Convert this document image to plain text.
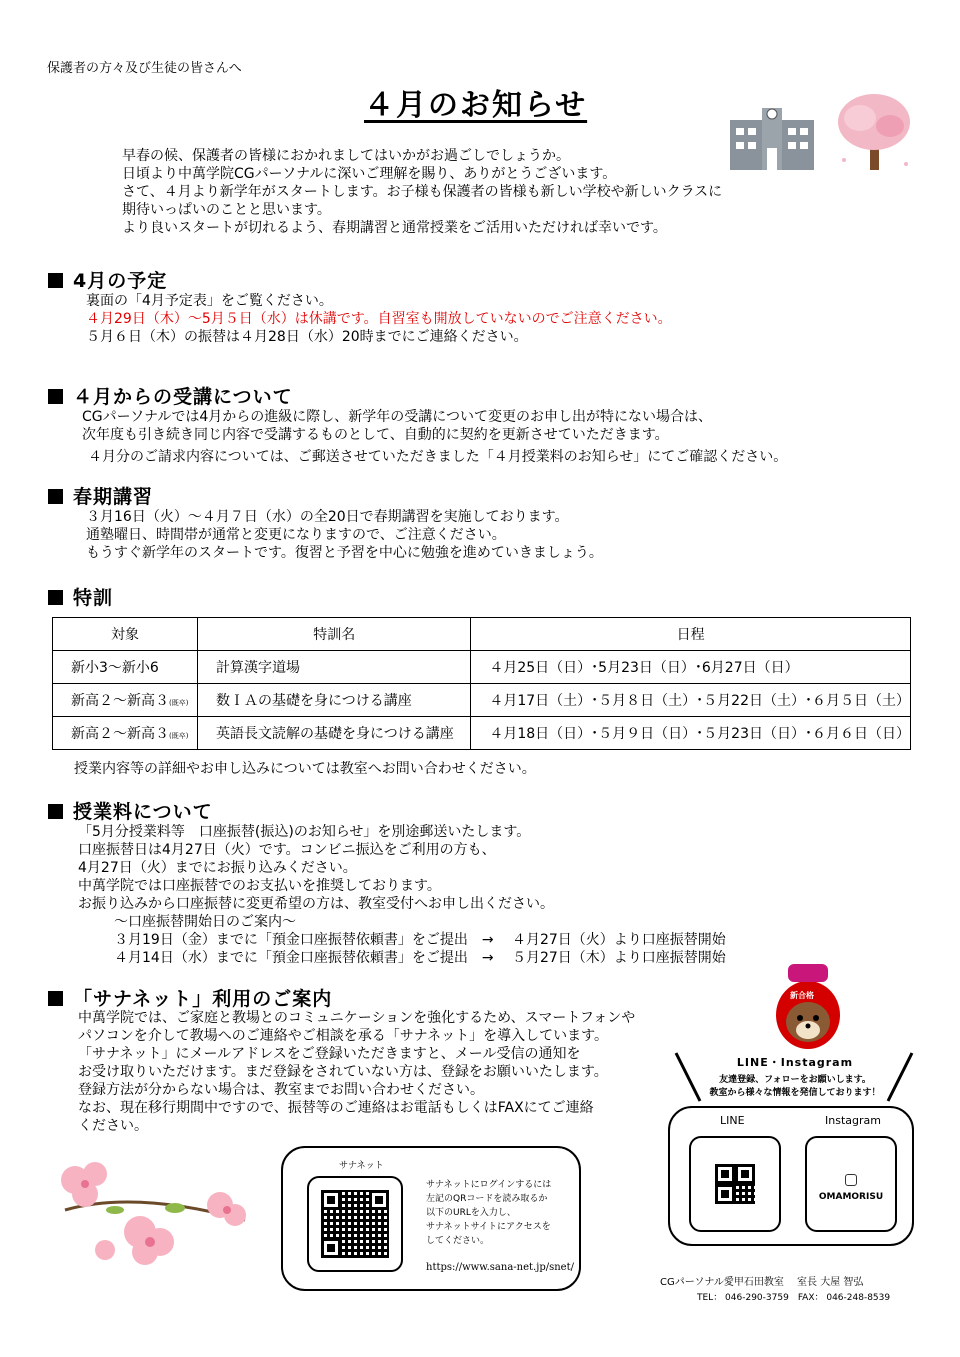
保護者の方々及び生徒の皆さんへ
４月のお知らせ
早春の候、保護者の皆様におかれましてはいかがお過ごしでしょうか。
日頃より中萬学院CGパーソナルに深いご理解を賜り、ありがとうございます。
さて、４月より新学年がスタートします。お子様も保護者の皆様も新しい学校や新しいクラスに
期待いっぱいのことと思います。
より良いスタートが切れるよう、春期講習と通常授業をご活用いただければ幸いです。
4月の予定
裏面の「4月予定表」をご覧ください。
４月29日（木）～5月５日（水）は休講です。自習室も開放していないのでご注意ください。
５月６日（木）の振替は４月28日（水）20時までにご連絡ください。
４月からの受講について
CGパーソナルでは4月からの進級に際し、新学年の受講について変更のお申し出が特にない場合は、
次年度も引き続き同じ内容で受講するものとして、自動的に契約を更新させていただきます。
４月分のご請求内容については、ご郵送させていただきました「４月授業料のお知らせ」にてご確認ください。
春期講習
３月16日（火）～４月７日（水）の全20日で春期講習を実施しております。
通塾曜日、時間帯が通常と変更になりますので、ご注意ください。
もうすぐ新学年のスタートです。復習と予習を中心に勉強を進めていきましょう。
特訓
対象	特訓名	日程
新小3～新小6	計算漢字道場	４月25日（日）･5月23日（日）･6月27日（日）
新高２～新高３(既卒)	数ＩＡの基礎を身につける講座	４月17日（土）･５月８日（土）･５月22日（土）･６月５日（土）
新高２～新高３(既卒)	英語長文読解の基礎を身につける講座	４月18日（日）･５月９日（日）･５月23日（日）･６月６日（日）
授業内容等の詳細やお申し込みについては教室へお問い合わせください。
授業料について
「5月分授業料等　口座振替(振込)のお知らせ」を別途郵送いたします。
口座振替日は4月27日（火）です。コンビニ振込をご利用の方も、
4月27日（火）までにお振り込みください。
中萬学院では口座振替でのお支払いを推奨しております。
お振り込みから口座振替に変更希望の方は、教室受付へお申し出ください。
～口座振替開始日のご案内～
３月19日（金）までに「預金口座振替依頼書」をご提出　→　 ４月27日（火）より口座振替開始
４月14日（水）までに「預金口座振替依頼書」をご提出　→　 ５月27日（木）より口座振替開始
「サナネット」利用のご案内
中萬学院では、ご家庭と教場とのコミュニケーションを強化するため、スマートフォンや
パソコンを介して教場へのご連絡やご相談を承る「サナネット」を導入しています。
「サナネット」にメールアドレスをご登録いただきますと、メール受信の通知を
お受け取りいただけます。まだ登録をされていない方は、登録をお願いいたします。
登録方法が分からない場合は、教室までお問い合わせください。
なお、現在移行期間中ですので、振替等のご連絡はお電話もしくはFAXにてご連絡
ください。
新合格
LINE・Instagram
友達登録、フォローをお願いします。
教室から様々な情報を発信しております！
LINE	Instagram
OMAMORISU
サナネット
サナネットにログインするには
左記のQRコードを読み取るか
以下のURLを入力し、
サナネットサイトにアクセスを
してください。
https://www.sana-net.jp/snet/
CGパーソナル愛甲石田教室　 室長 大屋 智弘
TEL： 046-290-3759　FAX： 046-248-8539
